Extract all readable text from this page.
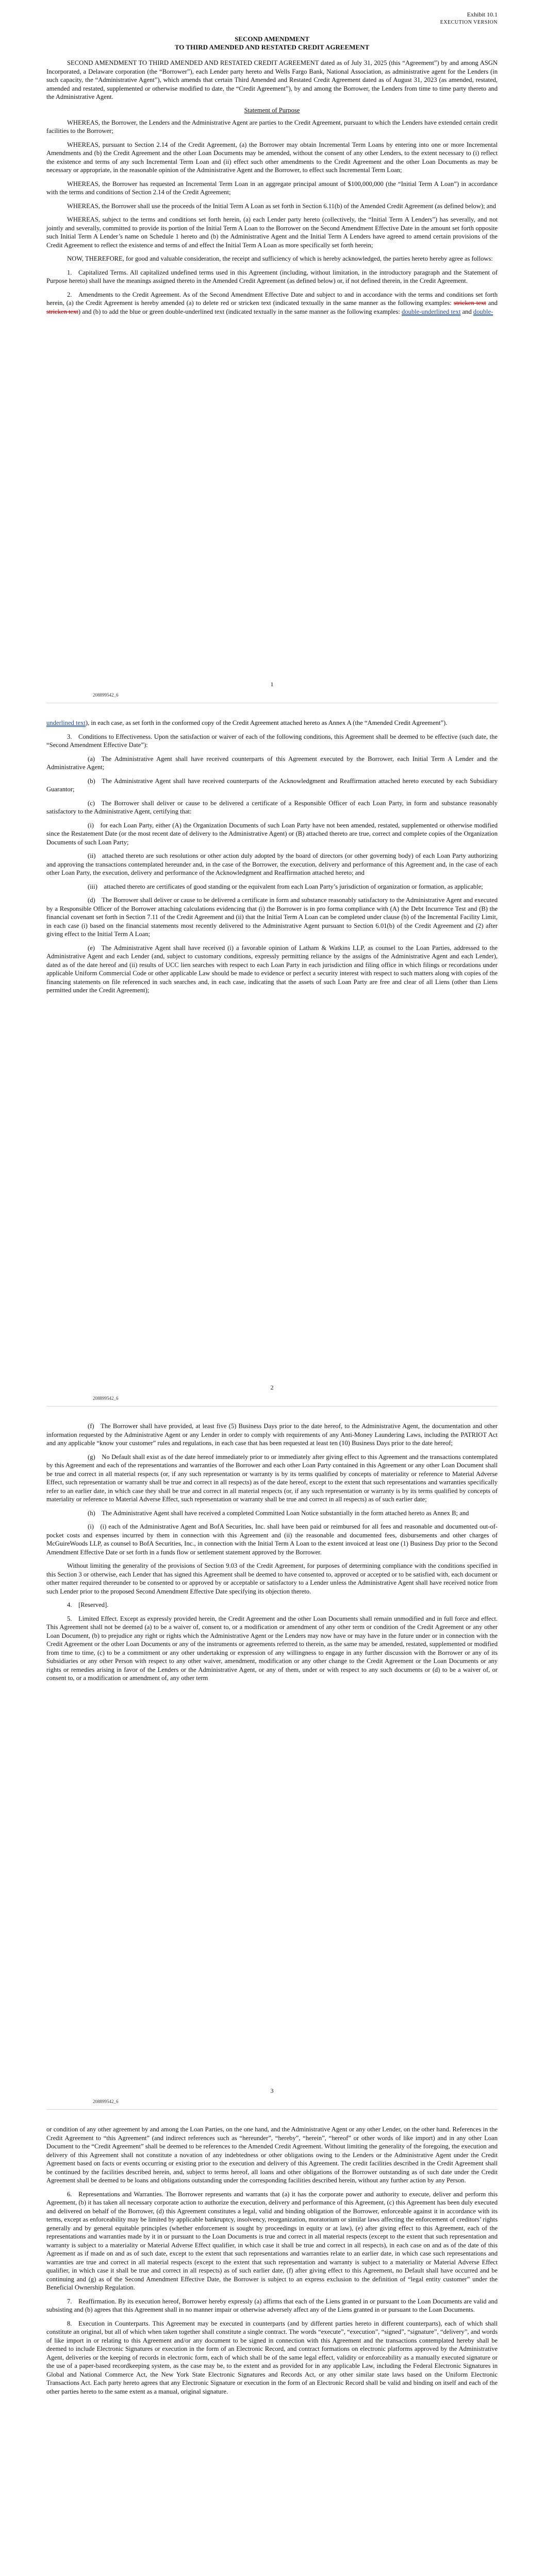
Exhibit 10.1
EXECUTION VERSION
SECOND AMENDMENT
TO THIRD AMENDED AND RESTATED CREDIT AGREEMENT

SECOND AMENDMENT TO THIRD AMENDED AND RESTATED CREDIT AGREEMENT dated as of July 31, 2025 (this “Agreement”) by and among ASGN Incorporated, a Delaware corporation (the “Borrower”), each Lender party hereto and Wells Fargo Bank, National Association, as administrative agent for the Lenders (in such capacity, the “Administrative Agent”), which amends that certain Third Amended and Restated Credit Agreement dated as of August 31, 2023 (as amended, restated, amended and restated, supplemented or otherwise modified to date, the “Credit Agreement”), by and among the Borrower, the Lenders from time to time party thereto and the Administrative Agent.

Statement of Purpose

WHEREAS, the Borrower, the Lenders and the Administrative Agent are parties to the Credit Agreement, pursuant to which the Lenders have extended certain credit facilities to the Borrower;

WHEREAS, pursuant to Section 2.14 of the Credit Agreement, (a) the Borrower may obtain Incremental Term Loans by entering into one or more Incremental Amendments and (b) the Credit Agreement and the other Loan Documents may be amended, without the consent of any other Lenders, to the extent necessary to (i) reflect the existence and terms of any such Incremental Term Loan and (ii) effect such other amendments to the Credit Agreement and the other Loan Documents as may be necessary or appropriate, in the reasonable opinion of the Administrative Agent and the Borrower, to effect such Incremental Term Loan;

WHEREAS, the Borrower has requested an Incremental Term Loan in an aggregate principal amount of $100,000,000 (the “Initial Term A Loan”) in accordance with the terms and conditions of Section 2.14 of the Credit Agreement;

WHEREAS, the Borrower shall use the proceeds of the Initial Term A Loan as set forth in Section 6.11(b) of the Amended Credit Agreement (as defined below); and

WHEREAS, subject to the terms and conditions set forth herein, (a) each Lender party hereto (collectively, the “Initial Term A Lenders”) has severally, and not jointly and severally, committed to provide its portion of the Initial Term A Loan to the Borrower on the Second Amendment Effective Date in the amount set forth opposite such Initial Term A Lender’s name on Schedule 1 hereto and (b) the Administrative Agent and the Initial Term A Lenders have agreed to amend certain provisions of the Credit Agreement to reflect the existence and terms of and effect the Initial Term A Loan as more specifically set forth herein;

NOW, THEREFORE, for good and valuable consideration, the receipt and sufficiency of which is hereby acknowledged, the parties hereto hereby agree as follows:

1. Capitalized Terms. All capitalized undefined terms used in this Agreement (including, without limitation, in the introductory paragraph and the Statement of Purpose hereto) shall have the meanings assigned thereto in the Amended Credit Agreement (as defined below) or, if not defined therein, in the Credit Agreement.

2. Amendments to the Credit Agreement. As of the Second Amendment Effective Date and subject to and in accordance with the terms and conditions set forth herein, (a) the Credit Agreement is hereby amended (a) to delete red or stricken text (indicated textually in the same manner as the following examples: stricken text and stricken text) and (b) to add the blue or green double-underlined text (indicated textually in the same manner as the following examples: double-underlined text and double-

1
208899542_6

underlined text), in each case, as set forth in the conformed copy of the Credit Agreement attached hereto as Annex A (the “Amended Credit Agreement”).

3. Conditions to Effectiveness. Upon the satisfaction or waiver of each of the following conditions, this Agreement shall be deemed to be effective (such date, the “Second Amendment Effective Date”):

(a) The Administrative Agent shall have received counterparts of this Agreement executed by the Borrower, each Initial Term A Lender and the Administrative Agent;

(b) The Administrative Agent shall have received counterparts of the Acknowledgment and Reaffirmation attached hereto executed by each Subsidiary Guarantor;

(c) The Borrower shall deliver or cause to be delivered a certificate of a Responsible Officer of each Loan Party, in form and substance reasonably satisfactory to the Administrative Agent, certifying that:

(i) for each Loan Party, either (A) the Organization Documents of such Loan Party have not been amended, restated, supplemented or otherwise modified since the Restatement Date (or the most recent date of delivery to the Administrative Agent) or (B) attached thereto are true, correct and complete copies of the Organization Documents of such Loan Party;

(ii) attached thereto are such resolutions or other action duly adopted by the board of directors (or other governing body) of each Loan Party authorizing and approving the transactions contemplated hereunder and, in the case of the Borrower, the execution, delivery and performance of this Agreement and, in the case of each other Loan Party, the execution, delivery and performance of the Acknowledgment and Reaffirmation attached hereto; and

(iii) attached thereto are certificates of good standing or the equivalent from each Loan Party’s jurisdiction of organization or formation, as applicable;

(d) The Borrower shall deliver or cause to be delivered a certificate in form and substance reasonably satisfactory to the Administrative Agent and executed by a Responsible Officer of the Borrower attaching calculations evidencing that (i) the Borrower is in pro forma compliance with (A) the Debt Incurrence Test and (B) the financial covenant set forth in Section 7.11 of the Credit Agreement and (ii) that the Initial Term A Loan can be completed under clause (b) of the Incremental Facility Limit, in each case (i) based on the financial statements most recently delivered to the Administrative Agent pursuant to Section 6.01(b) of the Credit Agreement and (2) after giving effect to the Initial Term A Loan;

(e) The Administrative Agent shall have received (i) a favorable opinion of Latham & Watkins LLP, as counsel to the Loan Parties, addressed to the Administrative Agent and each Lender (and, subject to customary conditions, expressly permitting reliance by the assigns of the Administrative Agent and each Lender), dated as of the date hereof and (ii) results of UCC lien searches with respect to each Loan Party in each jurisdiction and filing office in which filings or recordations under applicable Uniform Commercial Code or other applicable Law should be made to evidence or perfect a security interest with respect to such matters along with copies of the financing statements on file referenced in such searches and, in each case, indicating that the assets of such Loan Party are free and clear of all Liens (other than Liens permitted under the Credit Agreement);

2
208899542_6

(f) The Borrower shall have provided, at least five (5) Business Days prior to the date hereof, to the Administrative Agent, the documentation and other information requested by the Administrative Agent or any Lender in order to comply with requirements of any Anti-Money Laundering Laws, including the PATRIOT Act and any applicable “know your customer” rules and regulations, in each case that has been requested at least ten (10) Business Days prior to the date hereof;

(g) No Default shall exist as of the date hereof immediately prior to or immediately after giving effect to this Agreement and the transactions contemplated by this Agreement and each of the representations and warranties of the Borrower and each other Loan Party contained in this Agreement or any other Loan Document shall be true and correct in all material respects (or, if any such representation or warranty is by its terms qualified by concepts of materiality or reference to Material Adverse Effect, such representation or warranty shall be true and correct in all respects) as of the date hereof, except to the extent that such representations and warranties specifically refer to an earlier date, in which case they shall be true and correct in all material respects (or, if any such representation or warranty is by its terms qualified by concepts of materiality or reference to Material Adverse Effect, such representation or warranty shall be true and correct in all respects) as of such earlier date;

(h) The Administrative Agent shall have received a completed Committed Loan Notice substantially in the form attached hereto as Annex B; and

(i) (i) each of the Administrative Agent and BofA Securities, Inc. shall have been paid or reimbursed for all fees and reasonable and documented out-of-pocket costs and expenses incurred by them in connection with this Agreement and (ii) the reasonable and documented fees, disbursements and other charges of McGuireWoods LLP, as counsel to BofA Securities, Inc., in connection with the Initial Term A Loan to the extent invoiced at least one (1) Business Day prior to the Second Amendment Effective Date or set forth in a funds flow or settlement statement approved by the Borrower.

Without limiting the generality of the provisions of Section 9.03 of the Credit Agreement, for purposes of determining compliance with the conditions specified in this Section 3 or otherwise, each Lender that has signed this Agreement shall be deemed to have consented to, approved or accepted or to be satisfied with, each document or other matter required thereunder to be consented to or approved by or acceptable or satisfactory to a Lender unless the Administrative Agent shall have received notice from such Lender prior to the proposed Second Amendment Effective Date specifying its objection thereto.

4. [Reserved].

5. Limited Effect. Except as expressly provided herein, the Credit Agreement and the other Loan Documents shall remain unmodified and in full force and effect. This Agreement shall not be deemed (a) to be a waiver of, consent to, or a modification or amendment of any other term or condition of the Credit Agreement or any other Loan Document, (b) to prejudice any right or rights which the Administrative Agent or the Lenders may now have or may have in the future under or in connection with the Credit Agreement or the other Loan Documents or any of the instruments or agreements referred to therein, as the same may be amended, restated, supplemented or modified from time to time, (c) to be a commitment or any other undertaking or expression of any willingness to engage in any further discussion with the Borrower or any of its Subsidiaries or any other Person with respect to any other waiver, amendment, modification or any other change to the Credit Agreement or the Loan Documents or any rights or remedies arising in favor of the Lenders or the Administrative Agent, or any of them, under or with respect to any such documents or (d) to be a waiver of, or consent to, or a modification or amendment of, any other term

3
208899542_6

or condition of any other agreement by and among the Loan Parties, on the one hand, and the Administrative Agent or any other Lender, on the other hand. References in the Credit Agreement to “this Agreement” (and indirect references such as “hereunder”, “hereby”, “herein”, “hereof” or other words of like import) and in any other Loan Document to the “Credit Agreement” shall be deemed to be references to the Amended Credit Agreement. Without limiting the generality of the foregoing, the execution and delivery of this Agreement shall not constitute a novation of any indebtedness or other obligations owing to the Lenders or the Administrative Agent under the Credit Agreement based on facts or events occurring or existing prior to the execution and delivery of this Agreement. The credit facilities described in the Credit Agreement shall be continued by the facilities described herein, and, subject to terms hereof, all loans and other obligations of the Borrower outstanding as of such date under the Credit Agreement shall be deemed to be loans and obligations outstanding under the corresponding facilities described herein, without any further action by any Person.

6. Representations and Warranties. The Borrower represents and warrants that (a) it has the corporate power and authority to execute, deliver and perform this Agreement, (b) it has taken all necessary corporate action to authorize the execution, delivery and performance of this Agreement, (c) this Agreement has been duly executed and delivered on behalf of the Borrower, (d) this Agreement constitutes a legal, valid and binding obligation of the Borrower, enforceable against it in accordance with its terms, except as enforceability may be limited by applicable bankruptcy, insolvency, reorganization, moratorium or similar laws affecting the enforcement of creditors’ rights generally and by general equitable principles (whether enforcement is sought by proceedings in equity or at law), (e) after giving effect to this Agreement, each of the representations and warranties made by it in or pursuant to the Loan Documents is true and correct in all material respects (except to the extent that such representation and warranty is subject to a materiality or Material Adverse Effect qualifier, in which case it shall be true and correct in all respects), in each case on and as of the date of this Agreement as if made on and as of such date, except to the extent that such representations and warranties relate to an earlier date, in which case such representations and warranties are true and correct in all material respects (except to the extent that such representation and warranty is subject to a materiality or Material Adverse Effect qualifier, in which case it shall be true and correct in all respects) as of such earlier date, (f) after giving effect to this Agreement, no Default shall have occurred and be continuing and (g) as of the Second Amendment Effective Date, the Borrower is subject to an express exclusion to the definition of “legal entity customer” under the Beneficial Ownership Regulation.

7. Reaffirmation. By its execution hereof, Borrower hereby expressly (a) affirms that each of the Liens granted in or pursuant to the Loan Documents are valid and subsisting and (b) agrees that this Agreement shall in no manner impair or otherwise adversely affect any of the Liens granted in or pursuant to the Loan Documents.

8. Execution in Counterparts. This Agreement may be executed in counterparts (and by different parties hereto in different counterparts), each of which shall constitute an original, but all of which when taken together shall constitute a single contract. The words “execute”, “execution”, “signed”, “signature”, “delivery”, and words of like import in or relating to this Agreement and/or any document to be signed in connection with this Agreement and the transactions contemplated hereby shall be deemed to include Electronic Signatures or execution in the form of an Electronic Record, and contract formations on electronic platforms approved by the Administrative Agent, deliveries or the keeping of records in electronic form, each of which shall be of the same legal effect, validity or enforceability as a manually executed signature or the use of a paper-based recordkeeping system, as the case may be, to the extent and as provided for in any applicable Law, including the Federal Electronic Signatures in Global and National Commerce Act, the New York State Electronic Signatures and Records Act, or any other similar state laws based on the Uniform Electronic Transactions Act. Each party hereto agrees that any Electronic Signature or execution in the form of an Electronic Record shall be valid and binding on itself and each of the other parties hereto to the same extent as a manual, original signature.
